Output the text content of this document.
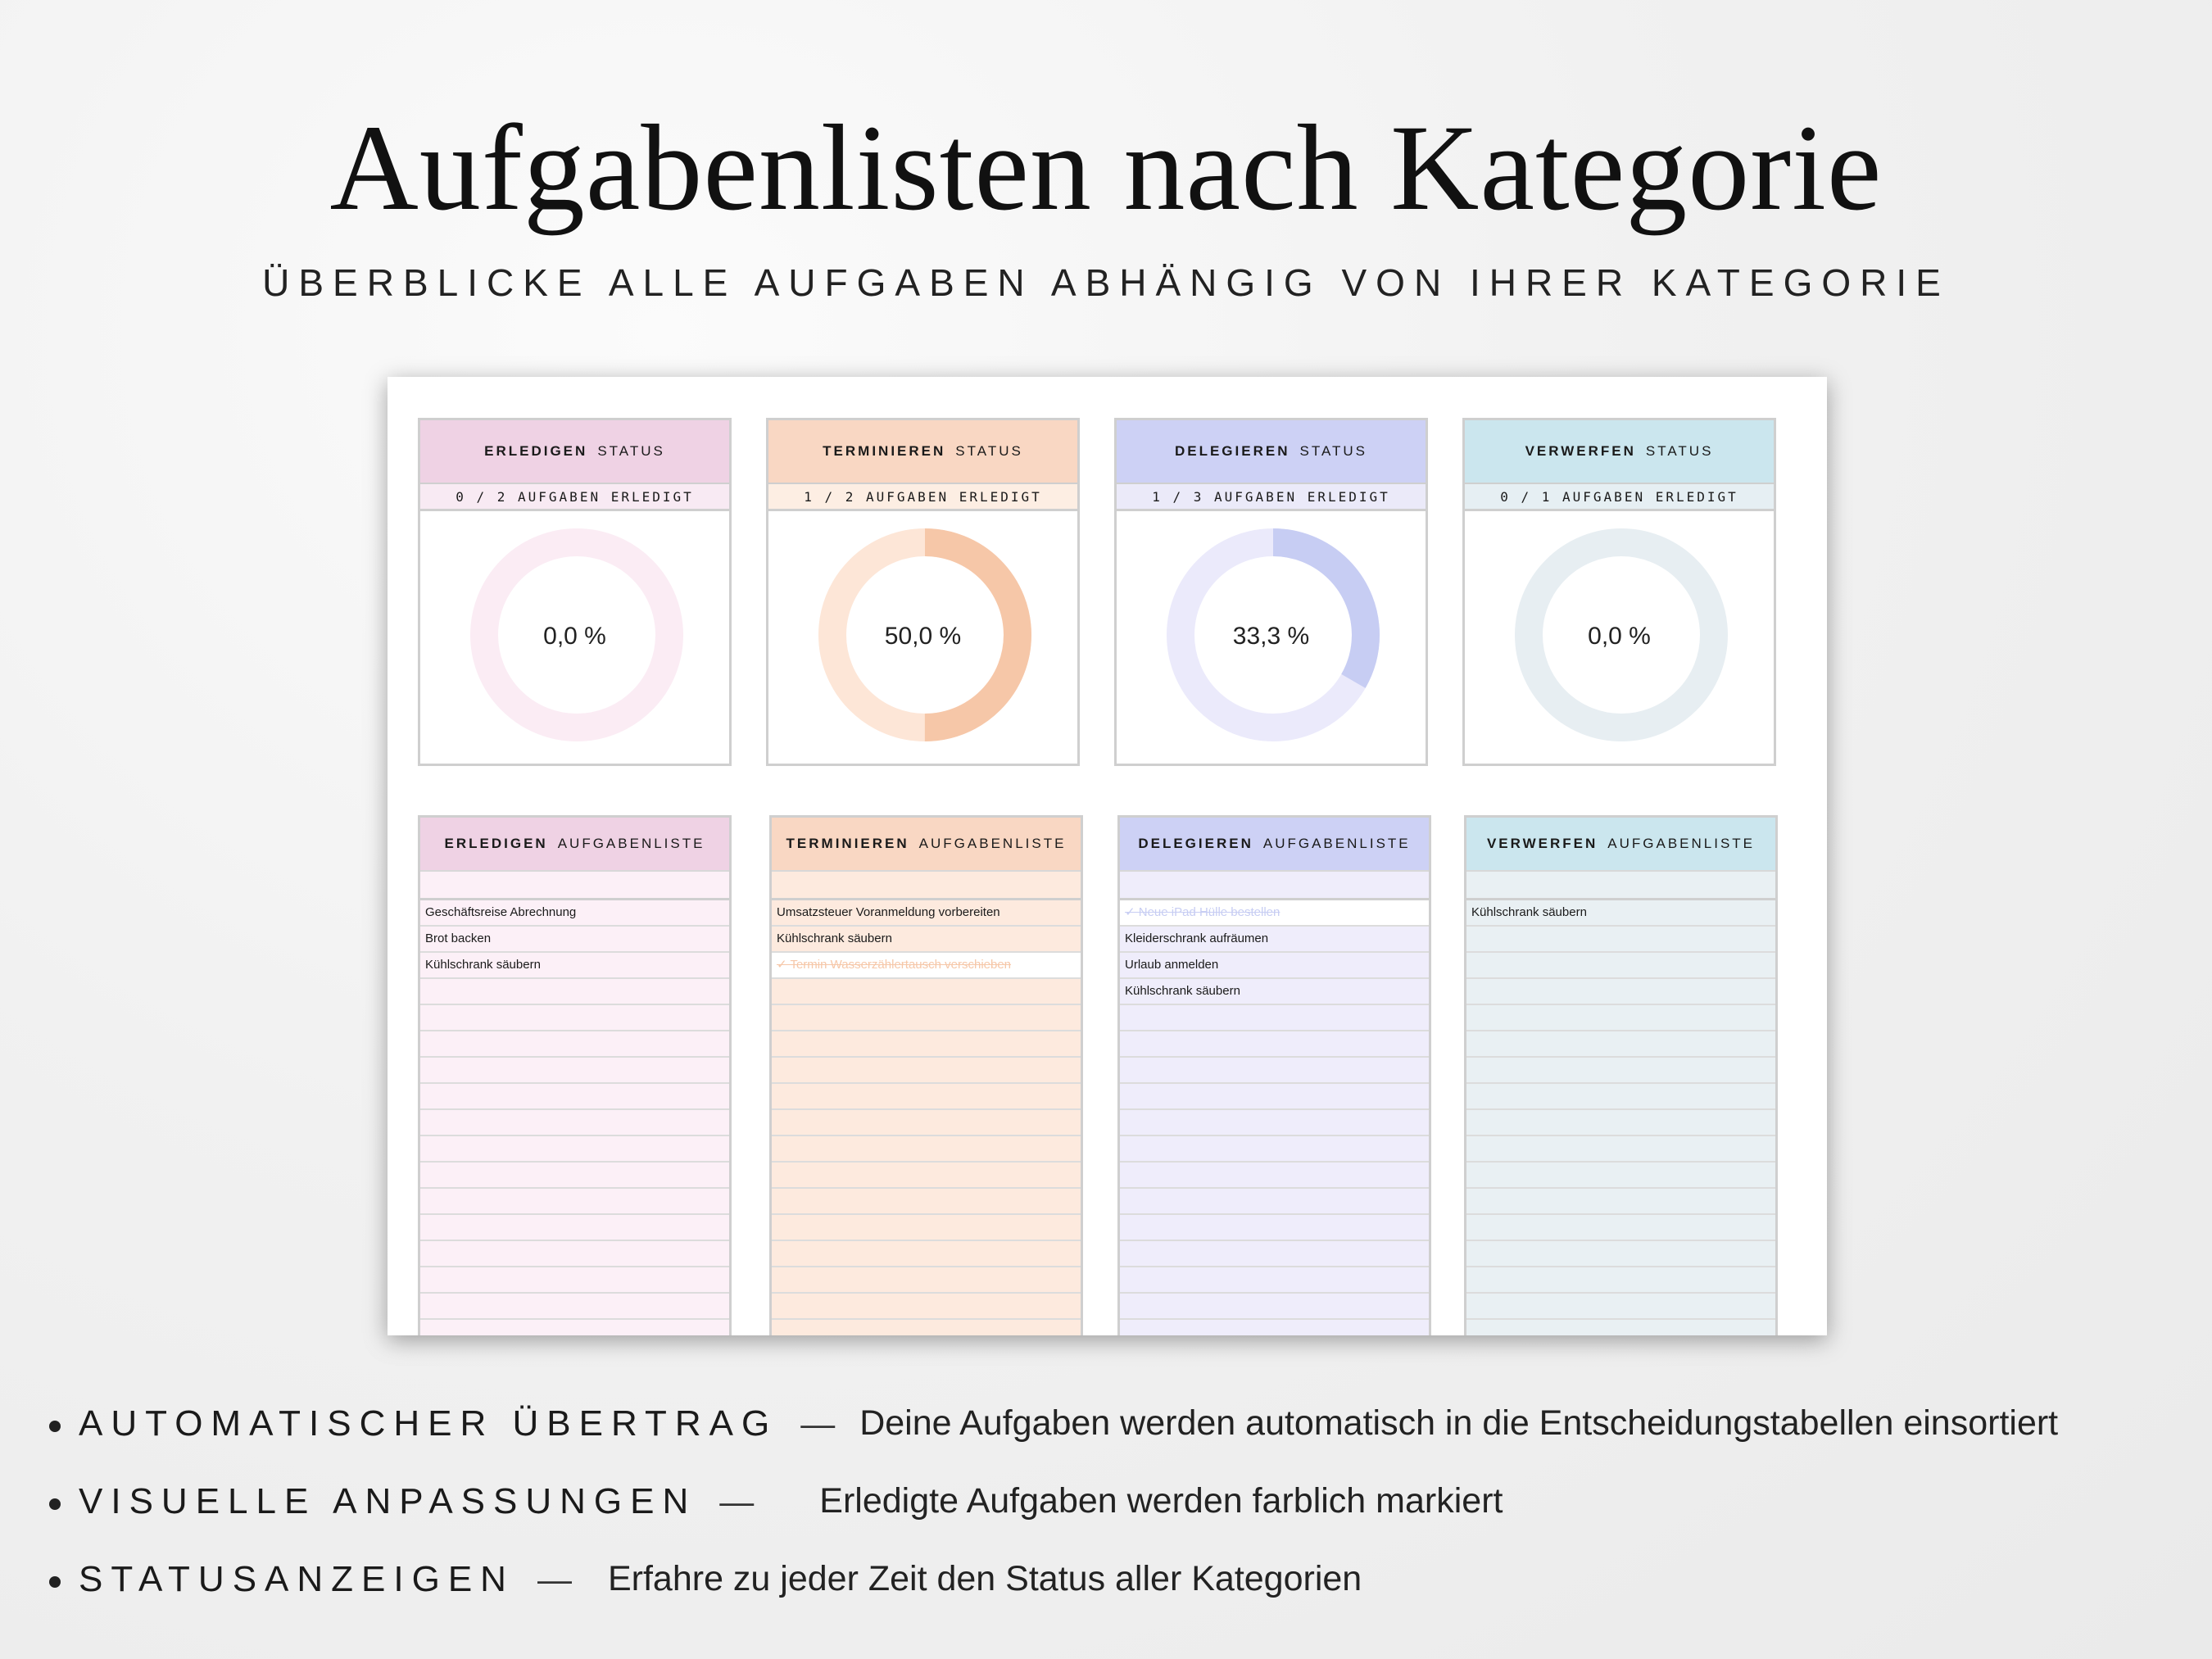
Aufgabenlisten nach Kategorie
ÜBERBLICKE ALLE AUFGABEN ABHÄNGIG VON IHRER KATEGORIE
ERLEDIGEN STATUS
0 / 2 AUFGABEN ERLEDIGT
0,0 %
TERMINIEREN STATUS
1 / 2 AUFGABEN ERLEDIGT
50,0 %
DELEGIEREN STATUS
1 / 3 AUFGABEN ERLEDIGT
33,3 %
VERWERFEN STATUS
0 / 1 AUFGABEN ERLEDIGT
0,0 %
ERLEDIGEN AUFGABENLISTE
Geschäftsreise Abrechnung
Brot backen
Kühlschrank säubern
TERMINIEREN AUFGABENLISTE
Umsatzsteuer Voranmeldung vorbereiten
Kühlschrank säubern
✓ Termin Wasserzählertausch verschieben
DELEGIEREN AUFGABENLISTE
✓ Neue iPad Hülle bestellen
Kleiderschrank aufräumen
Urlaub anmelden
Kühlschrank säubern
VERWERFEN AUFGABENLISTE
Kühlschrank säubern
AUTOMATISCHER ÜBERTRAG — Deine Aufgaben werden automatisch in die Entscheidungstabellen einsortiert
VISUELLE ANPASSUNGEN — Erledigte Aufgaben werden farblich markiert
STATUSANZEIGEN — Erfahre zu jeder Zeit den Status aller Kategorien
